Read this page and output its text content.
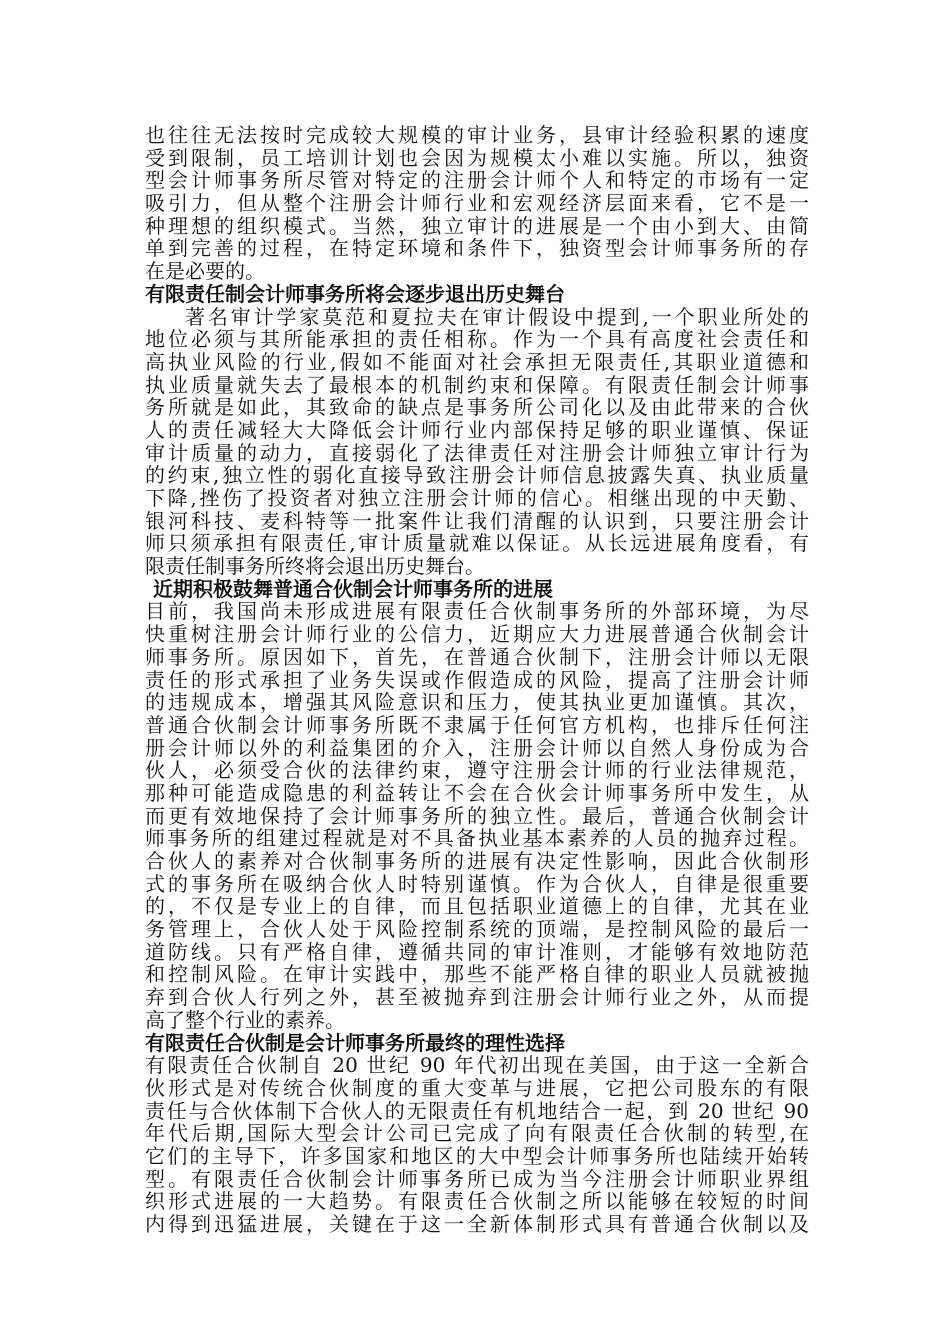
也往往无法按时完成较大规模的审计业务，县审计经验积累的速度
受到限制，员工培训计划也会因为规模太小难以实施。所以，独资
型会计师事务所尽管对特定的注册会计师个人和特定的市场有一定
吸引力，但从整个注册会计师行业和宏观经济层面来看，它不是一
种理想的组织模式。当然，独立审计的进展是一个由小到大、由简
单到完善的过程，在特定环境和条件下，独资型会计师事务所的存
在是必要的。
有限责任制会计师事务所将会逐步退出历史舞台
著名审计学家莫范和夏拉夫在审计假设中提到,一个职业所处的
地位必须与其所能承担的责任相称。作为一个具有高度社会责任和
高执业风险的行业,假如不能面对社会承担无限责任,其职业道德和
执业质量就失去了最根本的机制约束和保障。有限责任制会计师事
务所就是如此，其致命的缺点是事务所公司化以及由此带来的合伙
人的责任减轻大大降低会计师行业内部保持足够的职业谨慎、保证
审计质量的动力，直接弱化了法律责任对注册会计师独立审计行为
的约束,独立性的弱化直接导致注册会计师信息披露失真、执业质量
下降,挫伤了投资者对独立注册会计师的信心。相继出现的中天勤、
银河科技、麦科特等一批案件让我们清醒的认识到，只要注册会计
师只须承担有限责任,审计质量就难以保证。从长远进展角度看，有
限责任制事务所终将会退出历史舞台。
近期积极鼓舞普通合伙制会计师事务所的进展
目前，我国尚未形成进展有限责任合伙制事务所的外部环境，为尽
快重树注册会计师行业的公信力，近期应大力进展普通合伙制会计
师事务所。原因如下，首先，在普通合伙制下，注册会计师以无限
责任的形式承担了业务失误或作假造成的风险，提高了注册会计师
的违规成本，增强其风险意识和压力，使其执业更加谨慎。其次，
普通合伙制会计师事务所既不隶属于任何官方机构，也排斥任何注
册会计师以外的利益集团的介入，注册会计师以自然人身份成为合
伙人，必须受合伙的法律约束，遵守注册会计师的行业法律规范，
那种可能造成隐患的利益转让不会在合伙会计师事务所中发生，从
而更有效地保持了会计师事务所的独立性。最后，普通合伙制会计
师事务所的组建过程就是对不具备执业基本素养的人员的抛弃过程。
合伙人的素养对合伙制事务所的进展有决定性影响，因此合伙制形
式的事务所在吸纳合伙人时特别谨慎。作为合伙人，自律是很重要
的，不仅是专业上的自律，而且包括职业道德上的自律，尤其在业
务管理上，合伙人处于风险控制系统的顶端，是控制风险的最后一
道防线。只有严格自律，遵循共同的审计准则，才能够有效地防范
和控制风险。在审计实践中，那些不能严格自律的职业人员就被抛
弃到合伙人行列之外，甚至被抛弃到注册会计师行业之外，从而提
高了整个行业的素养。
有限责任合伙制是会计师事务所最终的理性选择
有限责任合伙制自 20 世纪 90 年代初出现在美国，由于这一全新合
伙形式是对传统合伙制度的重大变革与进展，它把公司股东的有限
责任与合伙体制下合伙人的无限责任有机地结合一起，到 20 世纪 90
年代后期,国际大型会计公司已完成了向有限责任合伙制的转型,在
它们的主导下，许多国家和地区的大中型会计师事务所也陆续开始转
型。有限责任合伙制会计师事务所已成为当今注册会计师职业界组
织形式进展的一大趋势。有限责任合伙制之所以能够在较短的时间
内得到迅猛进展，关键在于这一全新体制形式具有普通合伙制以及
